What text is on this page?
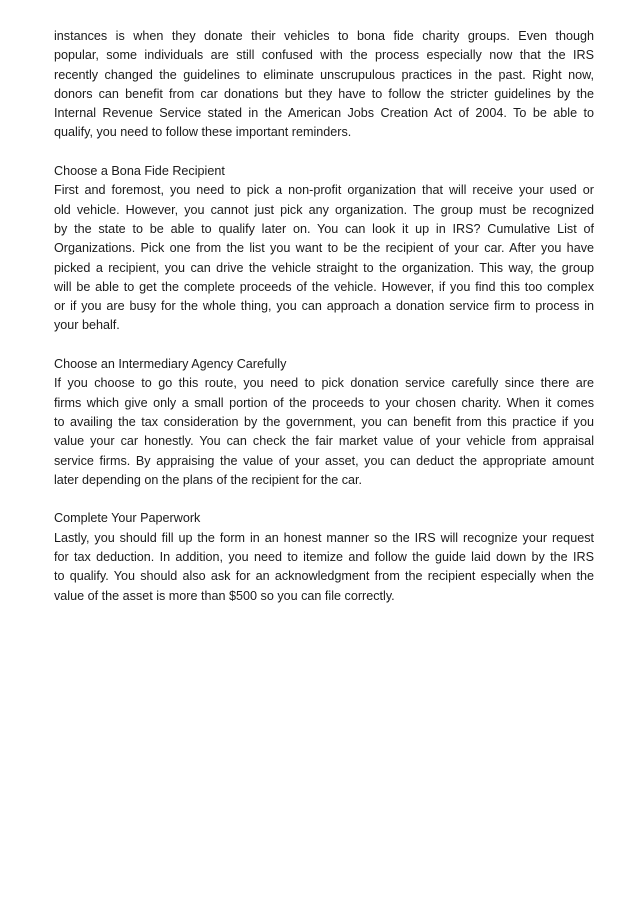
instances is when they donate their vehicles to bona fide charity groups. Even though
popular, some individuals are still confused with the process especially now that the IRS
recently changed the guidelines to eliminate unscrupulous practices in the past. Right now,
donors can benefit from car donations but they have to follow the stricter guidelines by the
Internal Revenue Service stated in the American Jobs Creation Act of 2004. To be able to
qualify, you need to follow these important reminders.
Choose a Bona Fide Recipient
First and foremost, you need to pick a non-profit organization that will receive your used or
old vehicle. However, you cannot just pick any organization. The group must be recognized
by the state to be able to qualify later on. You can look it up in IRS? Cumulative List of
Organizations. Pick one from the list you want to be the recipient of your car. After you have
picked a recipient, you can drive the vehicle straight to the organization. This way, the group
will be able to get the complete proceeds of the vehicle. However, if you find this too complex
or if you are busy for the whole thing, you can approach a donation service firm to process in
your behalf.
Choose an Intermediary Agency Carefully
If you choose to go this route, you need to pick donation service carefully since there are
firms which give only a small portion of the proceeds to your chosen charity. When it comes
to availing the tax consideration by the government, you can benefit from this practice if you
value your car honestly. You can check the fair market value of your vehicle from appraisal
service firms. By appraising the value of your asset, you can deduct the appropriate amount
later depending on the plans of the recipient for the car.
Complete Your Paperwork
Lastly, you should fill up the form in an honest manner so the IRS will recognize your request
for tax deduction. In addition, you need to itemize and follow the guide laid down by the IRS
to qualify. You should also ask for an acknowledgment from the recipient especially when the
value of the asset is more than $500 so you can file correctly.
